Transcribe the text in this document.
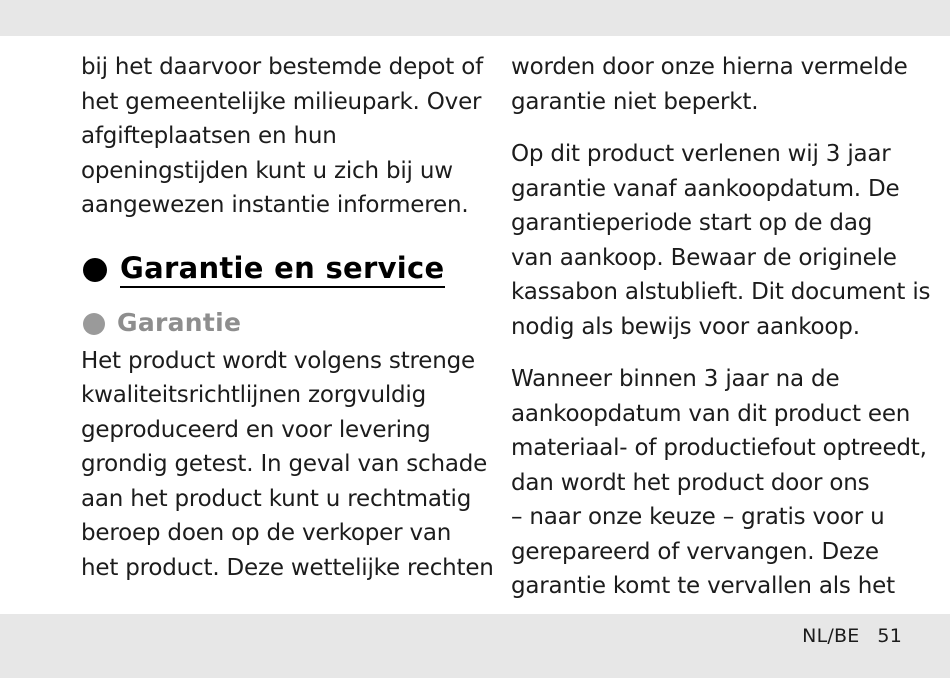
bij het daarvoor bestemde depot of
het gemeentelijke milieupark. Over
afgifteplaatsen en hun
openingstijden kunt u zich bij uw
aangewezen instantie informeren.
Garantie en service
Garantie
Het product wordt volgens strenge
kwaliteitsrichtlijnen zorgvuldig
geproduceerd en voor levering
grondig getest. In geval van schade
aan het product kunt u rechtmatig
beroep doen op de verkoper van
het product. Deze wettelijke rechten
worden door onze hierna vermelde
garantie niet beperkt.
Op dit product verlenen wij 3 jaar
garantie vanaf aankoopdatum. De
garantieperiode start op de dag
van aankoop. Bewaar de originele
kassabon alstublieft. Dit document is
nodig als bewijs voor aankoop.
Wanneer binnen 3 jaar na de
aankoopdatum van dit product een
materiaal- of productiefout optreedt,
dan wordt het product door ons
– naar onze keuze – gratis voor u
gerepareerd of vervangen. Deze
garantie komt te vervallen als het
NL/BE 51
